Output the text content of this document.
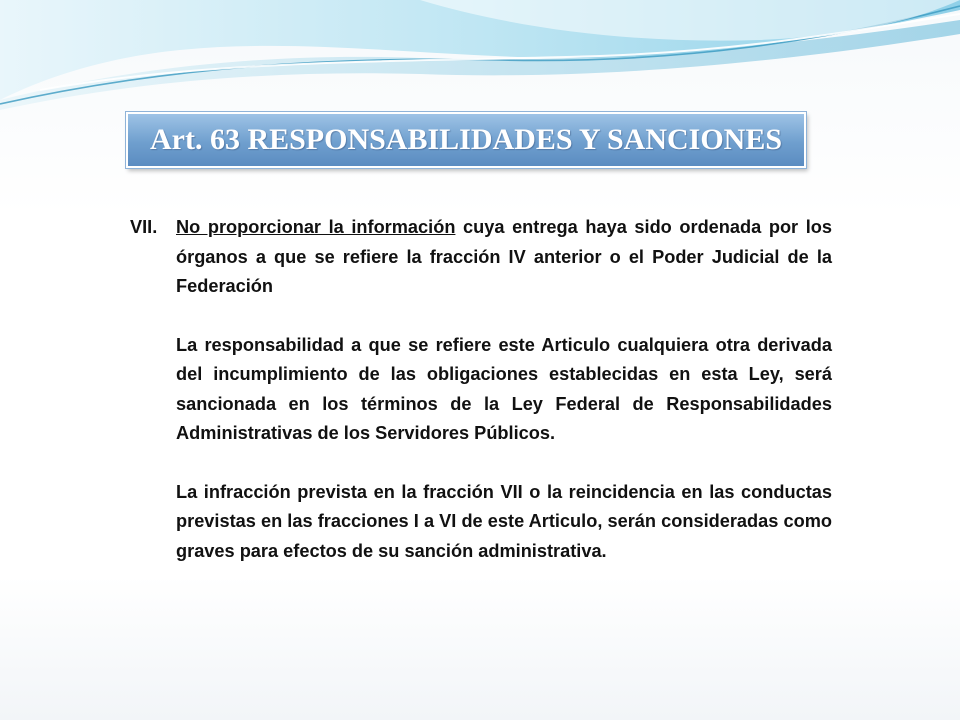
Art. 63 RESPONSABILIDADES Y SANCIONES
VII.	No proporcionar la información cuya entrega haya sido ordenada por los órganos a que se refiere la fracción IV anterior o el Poder Judicial de la Federación
La responsabilidad a que se refiere este Articulo cualquiera otra derivada del incumplimiento de las obligaciones establecidas en esta Ley, será sancionada en los términos de la Ley Federal de Responsabilidades Administrativas de los Servidores Públicos.
La infracción prevista en la fracción VII o la reincidencia en las conductas previstas en las fracciones I a VI de este Articulo, serán consideradas como graves para efectos de su sanción administrativa.
